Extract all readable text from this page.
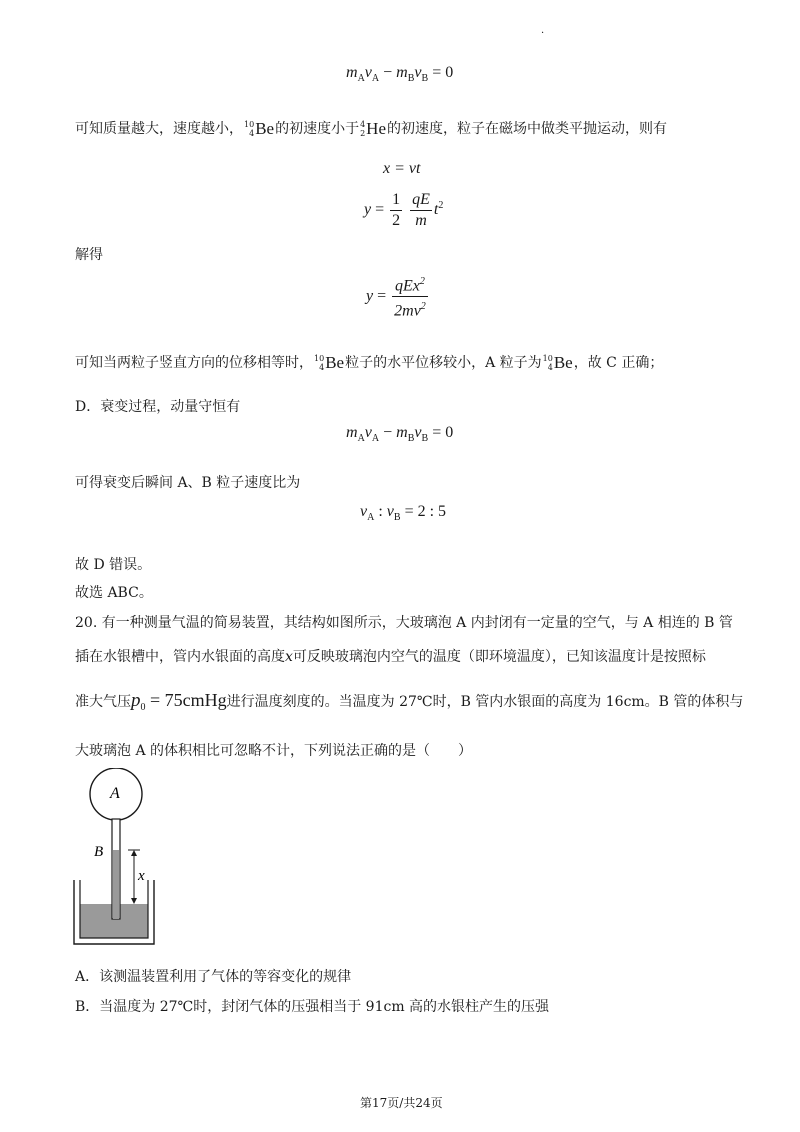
·
$m_Av_A - m_Bv_B = 0$
可知质量越大，速度越小，10
4Be的初速度小于4
2He的初速度，粒子在磁场中做类平抛运动，则有
x = vt
$y = \frac{1}{2}$
$\frac{qE}{m} t^2$
解得
$y = \frac{qEx^2}{2mv^2}$
可知当两粒子竖直方向的位移相等时，10
4Be粒子的水平位移较小，A 粒子为10
4Be，故 C 正确；
D．衰变过程，动量守恒有
$m_Av_A - m_Bv_B = 0$
可得衰变后瞬间 A、B 粒子速度比为
$v_A$ : $v_B = 2$ : 5
故 D 错误。
故选 ABC。
20. 有一种测量气温的简易装置，其结构如图所示，大玻璃泡 A 内封闭有一定量的空气，与 A 相连的 B 管
插在水银槽中，管内水银面的高度x可反映玻璃泡内空气的温度（即环境温度），已知该温度计是按照标
准大气压$p_0$ = 75cmHg进行温度刻度的。当温度为 27℃时，B 管内水银面的高度为 16cm。B 管的体积与
大玻璃泡 A 的体积相比可忽略不计，下列说法正确的是（　　）
A
B
x
A．该测温装置利用了气体的等容变化的规律
B．当温度为 27℃时，封闭气体的压强相当于 91cm 高的水银柱产生的压强
第17页/共24页
